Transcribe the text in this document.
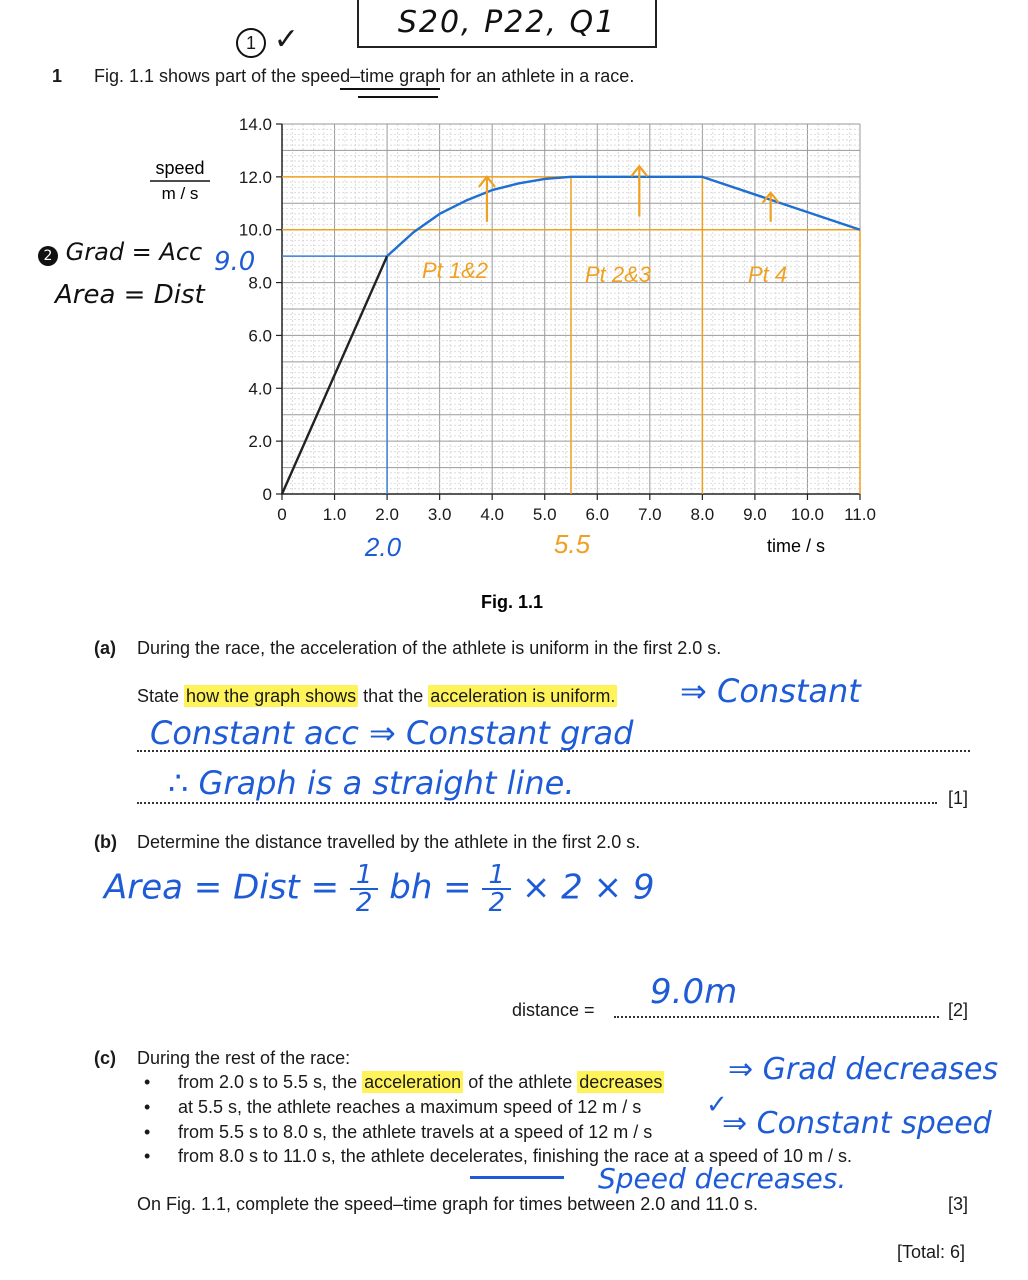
1 ✓	S20, P22, Q1
1 Fig. 1.1 shows part of the speed–time graph for an athlete in a race.
2 Grad = Acc
Area = Dist
0 1.0 2.0 3.0 4.0 5.0 6.0 7.0 8.0 9.0 10.0 11.0
0
2.0
4.0
6.0
8.0
10.0
12.0
14.0
speed
m / s
time / s
9.0
2.0	5.5
Pt 1&2	Pt 2&3	Pt 4
Fig. 1.1
(a) During the race, the acceleration of the athlete is uniform in the first 2.0 s.
State how the graph shows that the acceleration is uniform. ⇒ Constant
Constant acc ⇒ Constant grad
∴ Graph is a straight line.	[1]
(b) Determine the distance travelled by the athlete in the first 2.0 s.
Area = Dist = $\frac{1}{2}$ bh = $\frac{1}{2} \times 2 \times 9$
distance = 9.0m	[2]
(c) During the rest of the race:
• from 2.0 s to 5.5 s, the acceleration of the athlete decreases ⇒ Grad decreases
• at 5.5 s, the athlete reaches a maximum speed of 12 m / s ✓
• from 5.5 s to 8.0 s, the athlete travels at a speed of 12 m / s ⇒ Constant speed
• from 8.0 s to 11.0 s, the athlete decelerates, finishing the race at a speed of 10 m / s.
Speed decreases.
On Fig. 1.1, complete the speed–time graph for times between 2.0 and 11.0 s.	[3]
[Total: 6]
